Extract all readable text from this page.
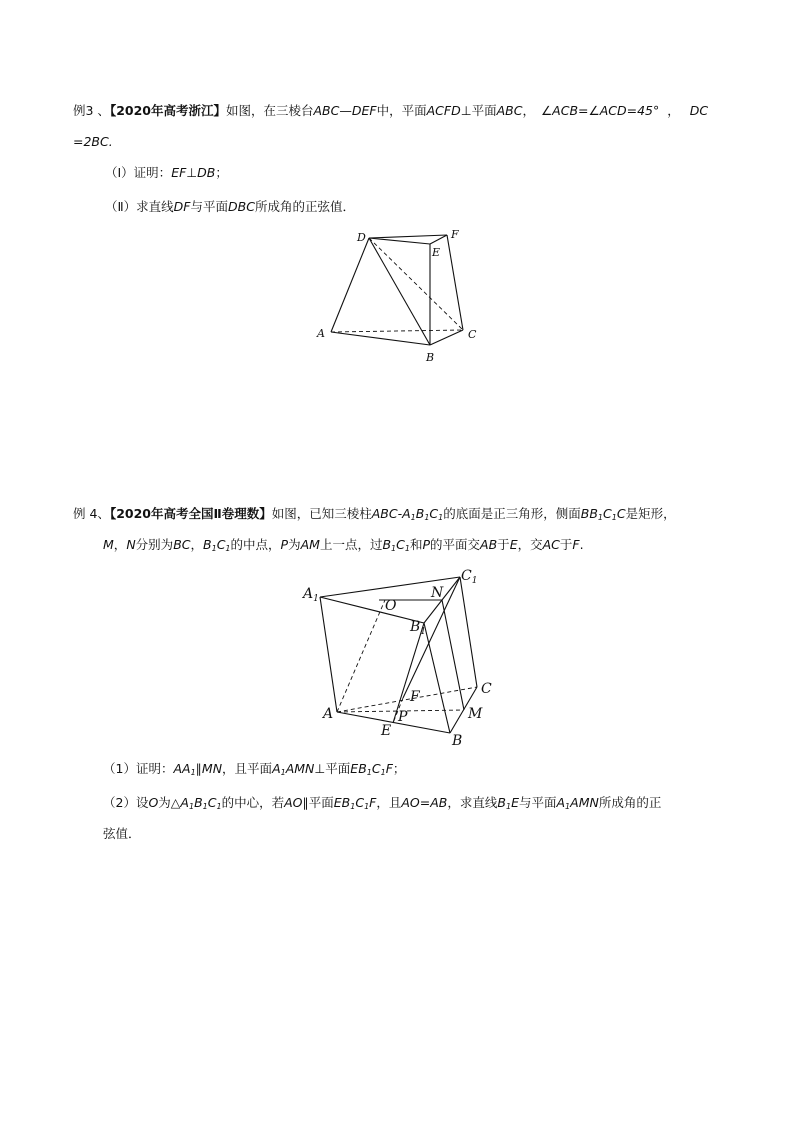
例3 、【2020年高考浙江】如图，在三棱台ABC—DEF中，平面ACFD⊥平面ABC， ∠ACB=∠ACD=45° ， DC
=2BC.
（Ⅰ）证明：EF⊥DB；
（Ⅱ）求直线DF与平面DBC所成角的正弦值．
D	F
E
A	C
B
例 4、【2020年高考全国Ⅱ卷理数】如图，已知三棱柱ABC-$A_1B_1C_1$的底面是正三角形，侧面$BB_1C_1C$是矩形，
M，N分别为BC，$B_1C_1$的中点，P为AM上一点，过$B_1C_1$和P的平面交AB于E，交AC于F.
$A_1$
$C_1$
O
N
$B_1$
F	C
A	P	M
E
B
（1）证明：$AA_1\parallel MN$，且平面$A_1AMN\perp$平面$EB_1C_1F$；
（2）设O为$\triangle A_1B_1C_1$的中心，若AO∥平面$EB_1C_1F$，且AO=AB，求直线$B_1E$与平面$A_1AMN$所成角的正
弦值．
